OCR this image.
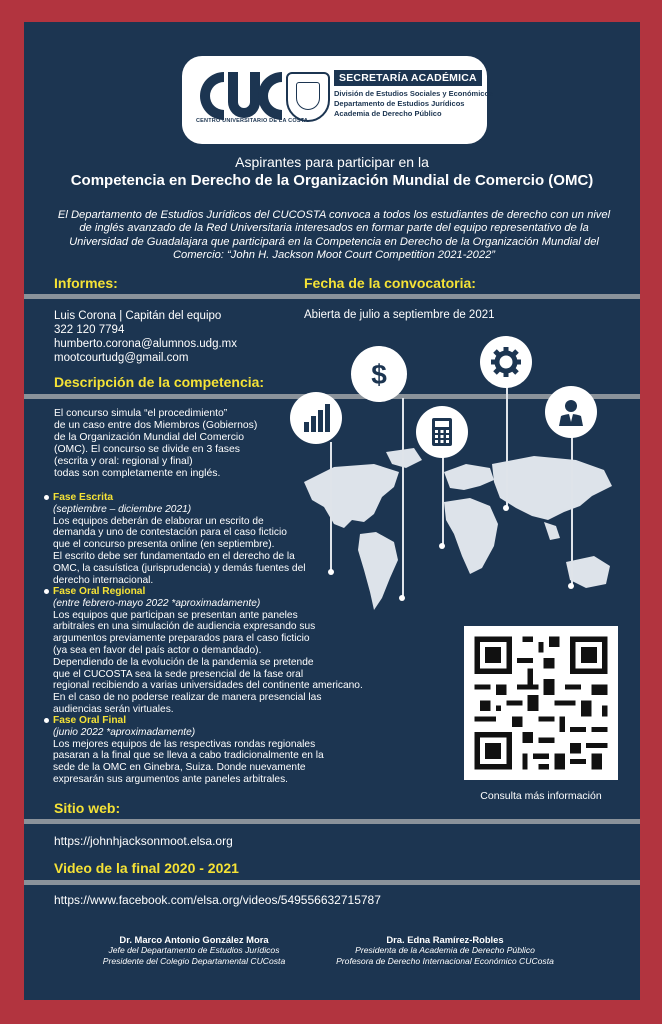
CENTRO UNIVERSITARIO DE LA COSTA
SECRETARÍA ACADÉMICA
División de Estudios Sociales y Económicos
Departamento de Estudios Jurídicos
Academia de Derecho Público
Aspirantes para participar en la
Competencia en Derecho de la Organización Mundial de Comercio (OMC)
El Departamento de Estudios Jurídicos del CUCOSTA convoca a todos los estudiantes de derecho con un nivel de inglés avanzado de la Red Universitaria interesados en formar parte del equipo representativo de la Universidad de Guadalajara que participará en la Competencia en Derecho de la Organización Mundial del Comercio: “John H. Jackson Moot Court Competition 2021-2022”
Informes:	Fecha de la convocatoria:
Luis Corona | Capitán del equipo
322 120 7794
humberto.corona@alumnos.udg.mx
mootcourtudg@gmail.com
Abierta de julio a septiembre de 2021
Descripción de la competencia:
El concurso simula “el procedimiento”
de un caso entre dos Miembros (Gobiernos)
de la Organización Mundial del Comercio
(OMC). El concurso se divide en 3 fases
(escrita y oral: regional y final)
todas son completamente en inglés.
$
Fase Escrita
(septiembre – diciembre 2021)
Los equipos deberán de elaborar un escrito de
demanda y uno de contestación para el caso ficticio
que el concurso presenta online (en septiembre).
El escrito debe ser fundamentado en el derecho de la
OMC, la casuística (jurisprudencia) y demás fuentes del
derecho internacional.
Fase Oral Regional
(entre febrero-mayo 2022 *aproximadamente)
Los equipos que participan se presentan ante paneles
arbitrales en una simulación de audiencia expresando sus
argumentos previamente preparados para el caso ficticio
(ya sea en favor del país actor o demandado).
Dependiendo de la evolución de la pandemia se pretende
que el CUCOSTA sea la sede presencial de la fase oral
regional recibiendo a varias universidades del continente americano.
En el caso de no poderse realizar de manera presencial las
audiencias serán virtuales.
Fase Oral Final
(junio 2022 *aproximadamente)
Los mejores equipos de las respectivas rondas regionales
pasaran a la final que se lleva a cabo tradicionalmente en la
sede de la OMC en Ginebra, Suiza. Donde nuevamente
expresarán sus argumentos ante paneles arbitrales.
Consulta más información
Sitio web:
https://johnhjacksonmoot.elsa.org
Video de la final 2020 - 2021
https://www.facebook.com/elsa.org/videos/549556632715787
Dr. Marco Antonio González Mora
Jefe del Departamento de Estudios Jurídicos
Presidente del Colegio Departamental CUCosta
Dra. Edna Ramírez-Robles
Presidenta de la Academia de Derecho Público
Profesora de Derecho Internacional Económico CUCosta
